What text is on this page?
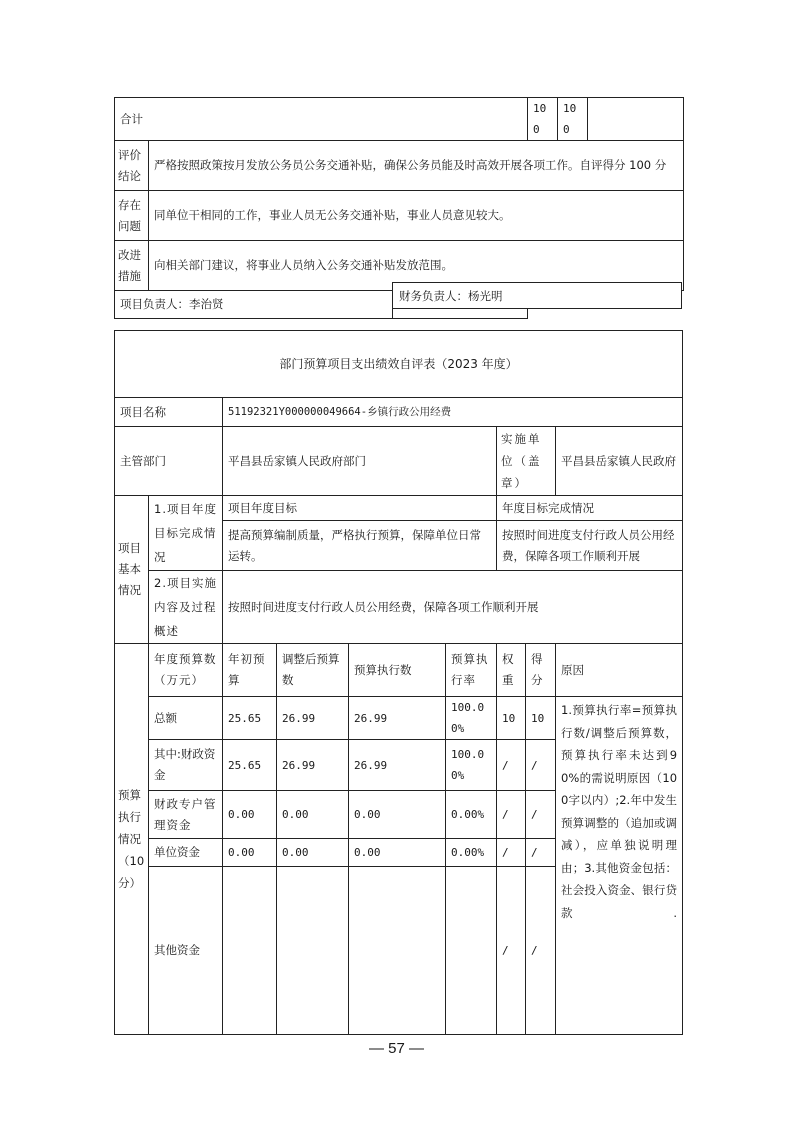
合计		100	100	
评价结论	严格按照政策按月发放公务员公务交通补贴，确保公务员能及时高效开展各项工作。自评得分 100 分			
存在问题	同单位干相同的工作，事业人员无公务交通补贴，事业人员意见较大。			
改进措施	向相关部门建议，将事业人员纳入公务交通补贴发放范围。			

项目负责人：李治贤				
财务负责人：杨光明
部门预算项目支出绩效自评表（2023 年度）								
项目名称		51192321Y000000049664-乡镇行政公用经费						
主管部门		平昌县岳家镇人民政府部门				实施单位（盖章）		平昌县岳家镇人民政府
项目基本情况	1.项目年度目标完成情况	项目年度目标				年度目标完成情况		
		提高预算编制质量，严格执行预算，保障单位日常运转。				按照时间进度支付行政人员公用经费，保障各项工作顺利开展		
	2.项目实施内容及过程概述	按照时间进度支付行政人员公用经费，保障各项工作顺利开展						
预算执行情况（10分）	年度预算数（万元）	年初预算	调整后预算数	预算执行数	预算执行率	权重	得分	原因
	总额	25.65	26.99	26.99	100.00%	10	10	1.预算执行率=预算执行数/调整后预算数，预算执行率未达到90%的需说明原因（100字以内）;2.年中发生预算调整的（追加或调减），应单独说明理由；3.其他资金包括：社会投入资金、银行贷款.
	其中:财政资金	25.65	26.99	26.99	100.00%	/	/	
	财政专户管理资金	0.00	0.00	0.00	0.00%	/	/	
	单位资金	0.00	0.00	0.00	0.00%	/	/	
	其他资金					/	/	
— 57 —
